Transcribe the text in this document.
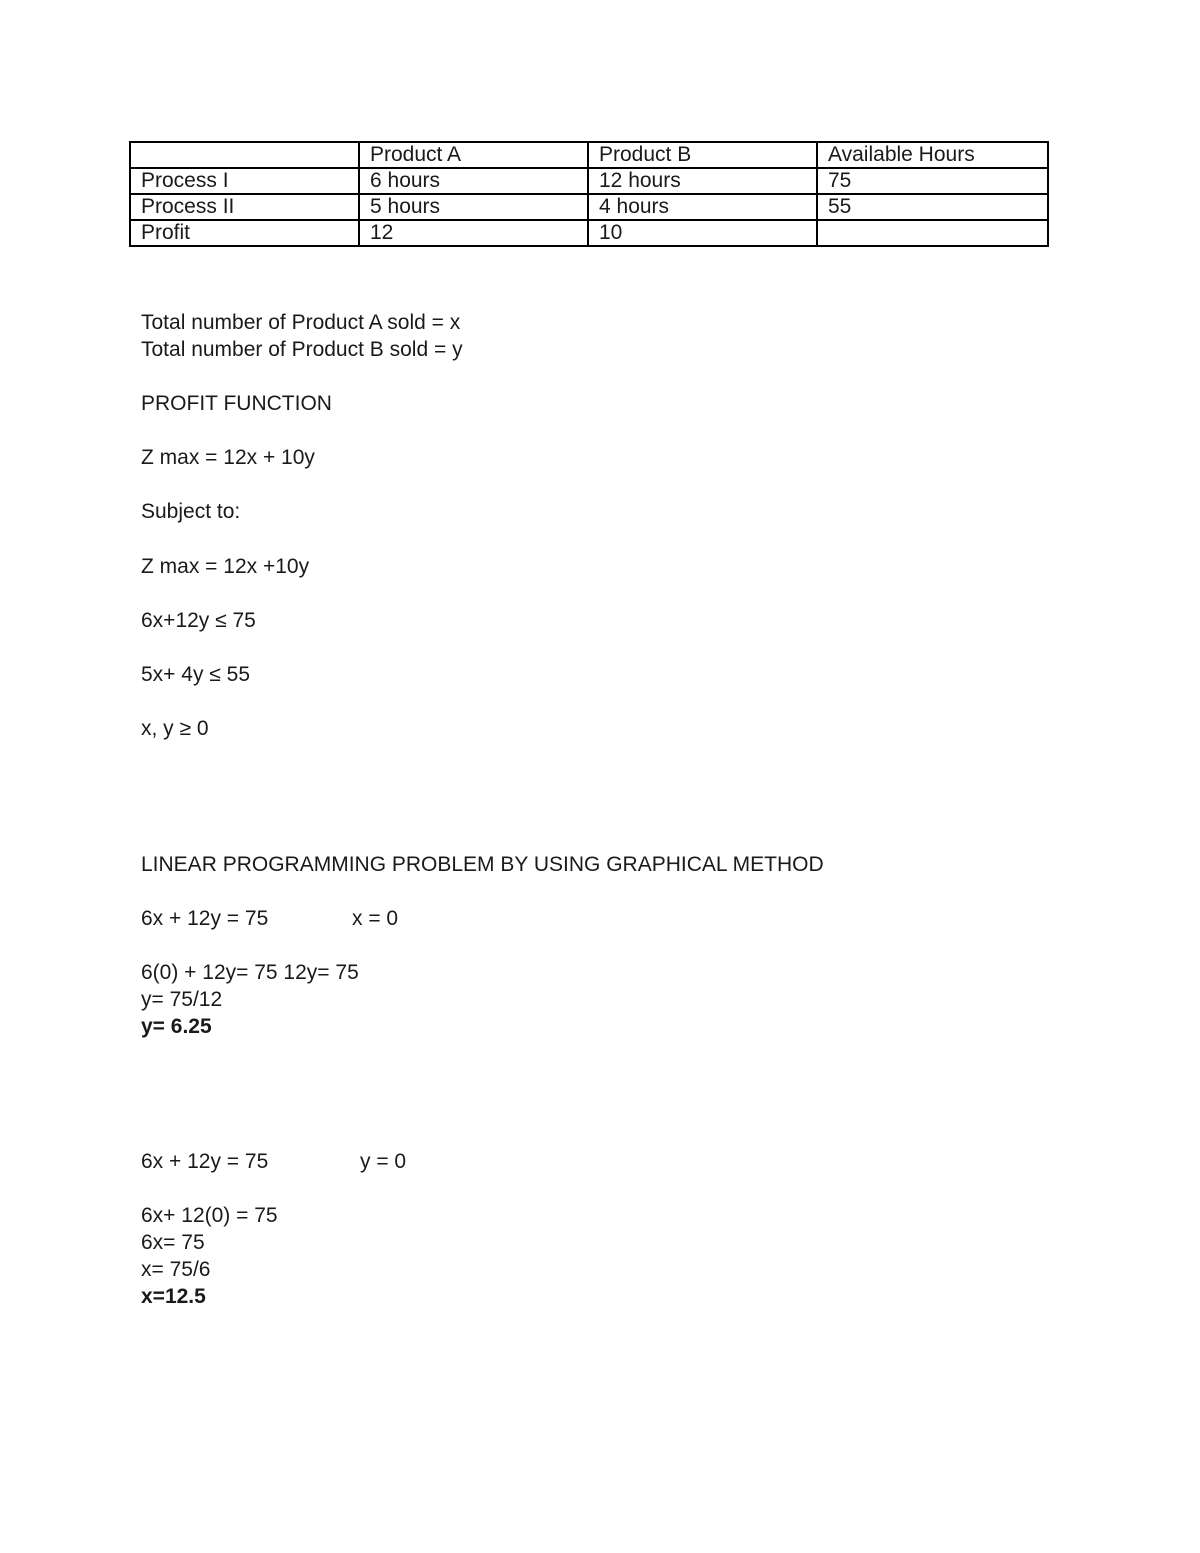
	Product A	Product B	Available Hours
Process I	6 hours	12 hours	75
Process II	5 hours	4 hours	55
Profit	12	10	
Total number of Product A sold = x
Total number of Product B sold = y
PROFIT FUNCTION
Z max = 12x + 10y
Subject to:
Z max = 12x +10y
6x+12y ≤ 75
5x+ 4y ≤ 55
x, y ≥ 0
LINEAR PROGRAMMING PROBLEM BY USING GRAPHICAL METHOD
6x + 12y = 75	x = 0
6(0) + 12y= 75 12y= 75
y= 75/12
y= 6.25
6x + 12y = 75	y = 0
6x+ 12(0) = 75
6x= 75
x= 75/6
x=12.5
